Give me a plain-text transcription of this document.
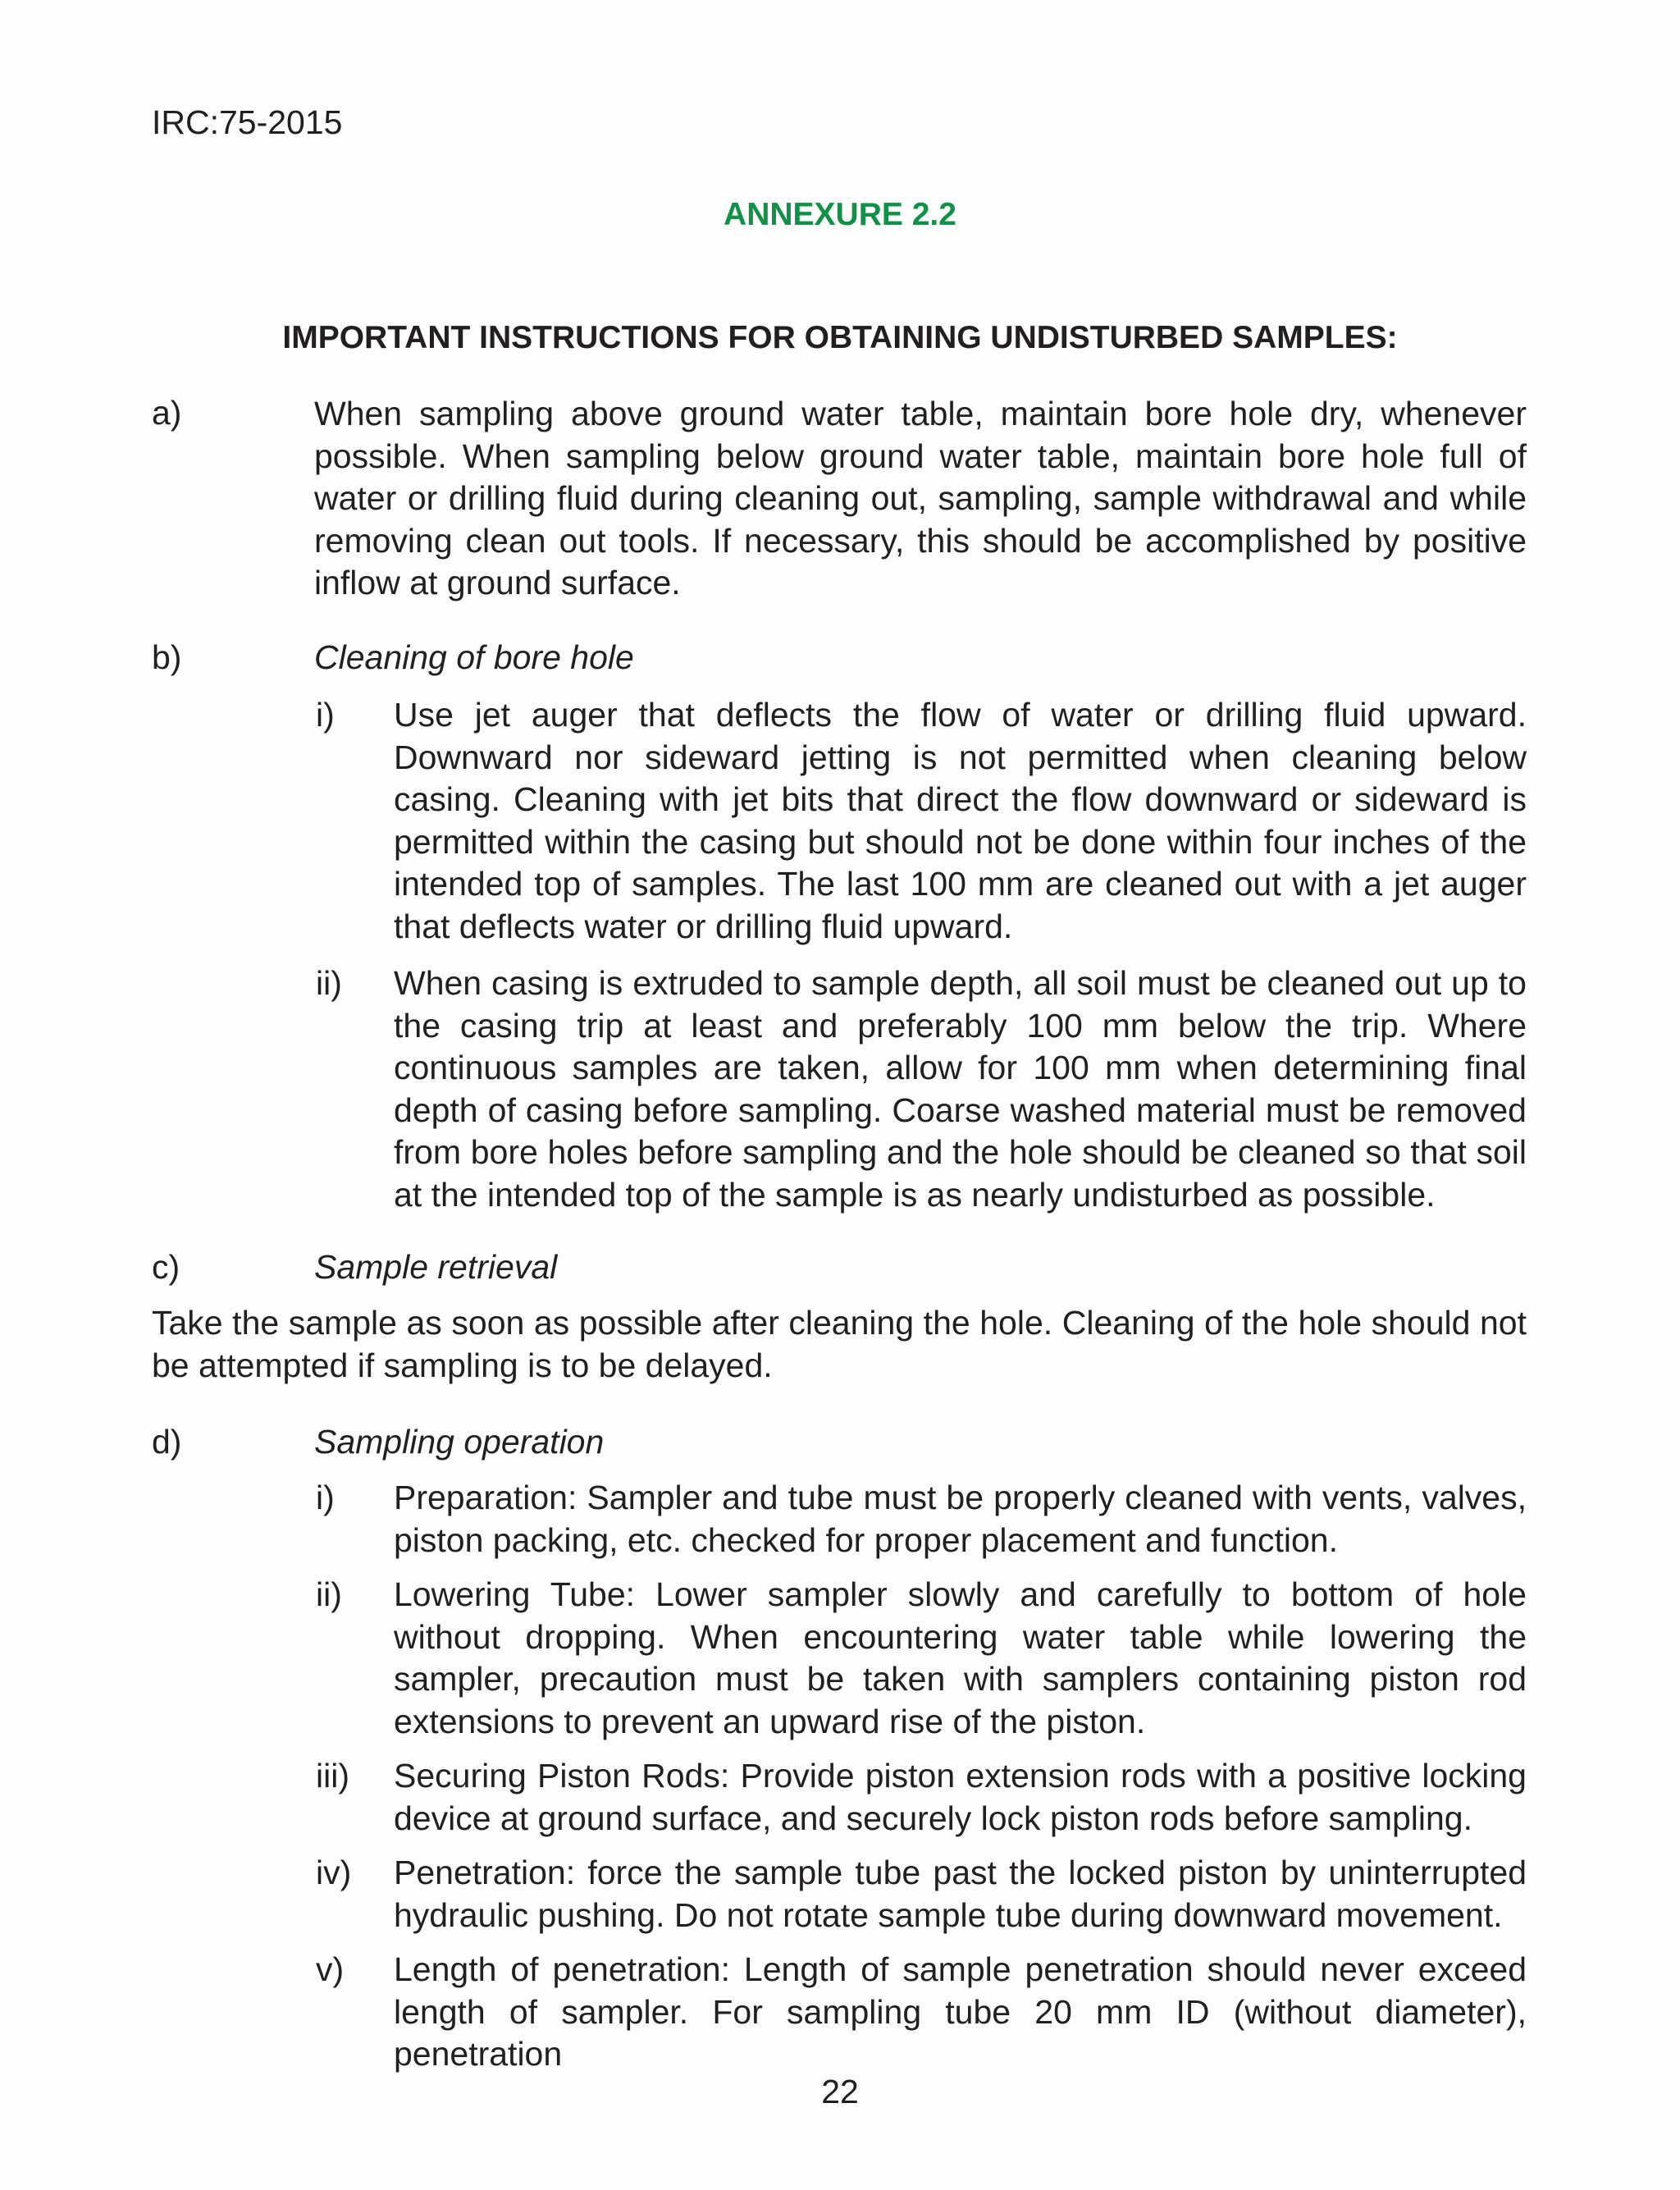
IRC:75-2015
ANNEXURE 2.2
IMPORTANT INSTRUCTIONS FOR OBTAINING UNDISTURBED SAMPLES:
a)	When sampling above ground water table, maintain bore hole dry, whenever possible. When sampling below ground water table, maintain bore hole full of water or drilling fluid during cleaning out, sampling, sample withdrawal and while removing clean out tools. If necessary, this should be accomplished by positive inflow at ground surface.
b)	Cleaning of bore hole
i) Use jet auger that deflects the flow of water or drilling fluid upward. Downward nor sideward jetting is not permitted when cleaning below casing. Cleaning with jet bits that direct the flow downward or sideward is permitted within the casing but should not be done within four inches of the intended top of samples. The last 100 mm are cleaned out with a jet auger that deflects water or drilling fluid upward.
ii) When casing is extruded to sample depth, all soil must be cleaned out up to the casing trip at least and preferably 100 mm below the trip. Where continuous samples are taken, allow for 100 mm when determining final depth of casing before sampling. Coarse washed material must be removed from bore holes before sampling and the hole should be cleaned so that soil at the intended top of the sample is as nearly undisturbed as possible.
c)	Sample retrieval
Take the sample as soon as possible after cleaning the hole. Cleaning of the hole should not be attempted if sampling is to be delayed.
d)	Sampling operation
i) Preparation: Sampler and tube must be properly cleaned with vents, valves, piston packing, etc. checked for proper placement and function.
ii) Lowering Tube: Lower sampler slowly and carefully to bottom of hole without dropping. When encountering water table while lowering the sampler, precaution must be taken with samplers containing piston rod extensions to prevent an upward rise of the piston.
iii) Securing Piston Rods: Provide piston extension rods with a positive locking device at ground surface, and securely lock piston rods before sampling.
iv) Penetration: force the sample tube past the locked piston by uninterrupted hydraulic pushing. Do not rotate sample tube during downward movement.
v) Length of penetration: Length of sample penetration should never exceed length of sampler. For sampling tube 20 mm ID (without diameter), penetration
22
